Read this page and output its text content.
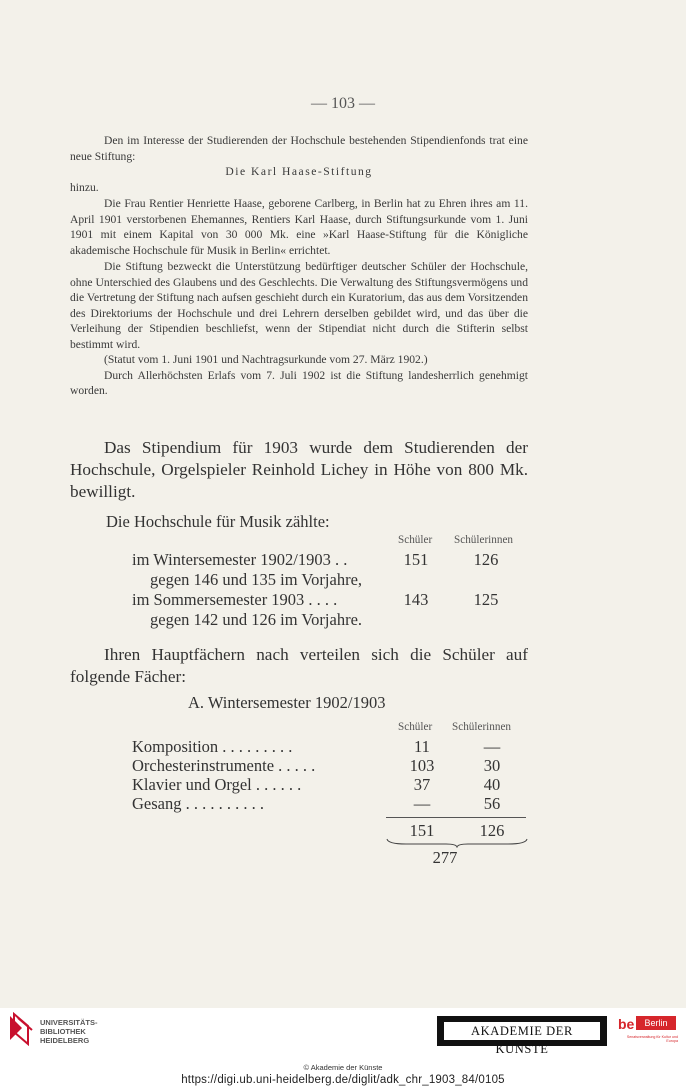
— 103 —

Den im Interesse der Studierenden der Hochschule bestehenden Stipendienfonds trat eine neue Stiftung:

Die Karl Haase-Stiftung

hinzu.

Die Frau Rentier Henriette Haase, geborene Carlberg, in Berlin hat zu Ehren ihres am 11. April 1901 verstorbenen Ehemannes, Rentiers Karl Haase, durch Stiftungsurkunde vom 1. Juni 1901 mit einem Kapital von 30 000 Mk. eine »Karl Haase-Stiftung für die Königliche akademische Hochschule für Musik in Berlin« errichtet.

Die Stiftung bezweckt die Unterstützung bedürftiger deutscher Schüler der Hochschule, ohne Unterschied des Glaubens und des Geschlechts. Die Verwaltung des Stiftungsvermögens und die Vertretung der Stiftung nach aufsen geschieht durch ein Kuratorium, das aus dem Vorsitzenden des Direktoriums der Hochschule und drei Lehrern derselben gebildet wird, und das über die Verleihung der Stipendien beschliefst, wenn der Stipendiat nicht durch die Stifterin selbst bestimmt wird.

(Statut vom 1. Juni 1901 und Nachtragsurkunde vom 27. März 1902.)

Durch Allerhöchsten Erlafs vom 7. Juli 1902 ist die Stiftung landesherrlich genehmigt worden.

Das Stipendium für 1903 wurde dem Studierenden der Hochschule, Orgelspieler Reinhold Lichey in Höhe von 800 Mk. bewilligt.

Die Hochschule für Musik zählte:
Schüler Schülerinnen
im Wintersemester 1902/1903 . .	151	126
gegen 146 und 135 im Vorjahre,
im Sommersemester 1903 . . . .	143	125
gegen 142 und 126 im Vorjahre.

Ihren Hauptfächern nach verteilen sich die Schüler auf folgende Fächer:

A. Wintersemester 1902/1903
Schüler Schülerinnen
Komposition . . . . . . . . .	11	—
Orchesterinstrumente . . . . .	103	30
Klavier und Orgel . . . . . .	37	40
Gesang . . . . . . . . . .	—	56
151	126
277
UNIVERSITÄTS-
BIBLIOTHEK
HEIDELBERG
AKADEMIE DER KÜNSTE
be	Berlin
Senatsverwaltung für Kultur und Europa
© Akademie der Künste
https://digi.ub.uni-heidelberg.de/diglit/adk_chr_1903_84/0105
